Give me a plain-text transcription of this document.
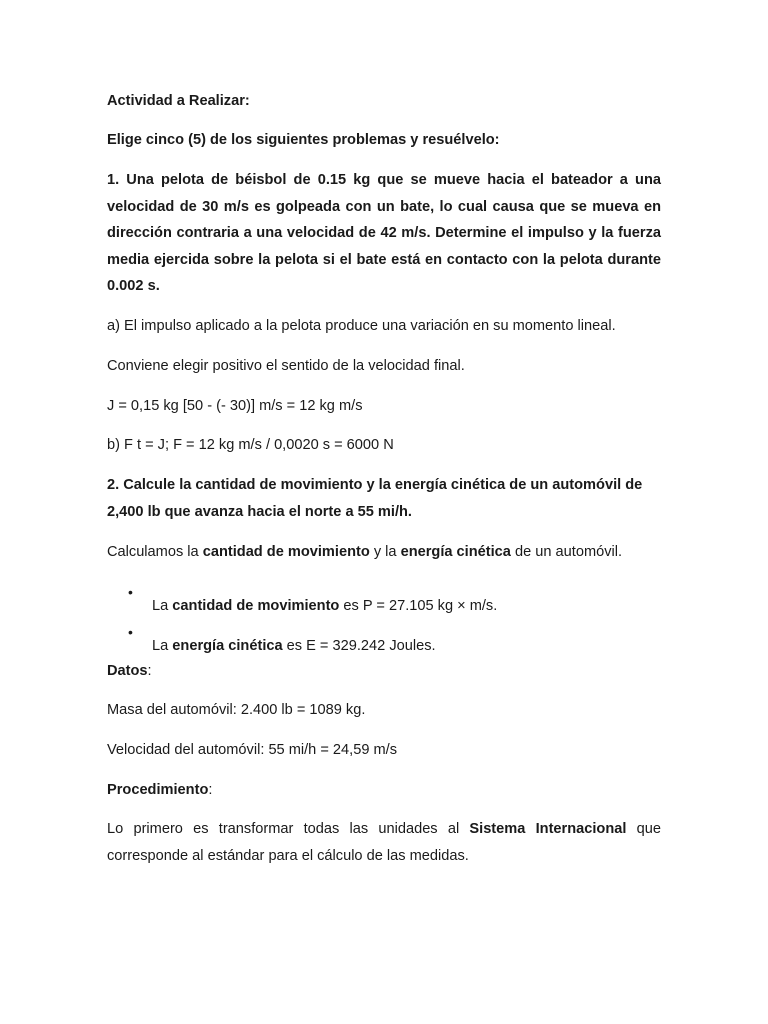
Actividad a Realizar:

Elige cinco (5) de los siguientes problemas y resuélvelo:

1. Una pelota de béisbol de 0.15 kg que se mueve hacia el bateador a una velocidad de 30 m/s es golpeada con un bate, lo cual causa que se mueva en dirección contraria a una velocidad de 42 m/s. Determine el impulso y la fuerza media ejercida sobre la pelota si el bate está en contacto con la pelota durante 0.002 s.

a) El impulso aplicado a la pelota produce una variación en su momento lineal.

Conviene elegir positivo el sentido de la velocidad final.

J = 0,15 kg [50 - (- 30)] m/s = 12 kg m/s

b) F t = J; F = 12 kg m/s / 0,0020 s = 6000 N

2. Calcule la cantidad de movimiento y la energía cinética de un automóvil de 2,400 lb que avanza hacia el norte a 55 mi/h.

Calculamos la cantidad de movimiento y la energía cinética de un automóvil.

•

La cantidad de movimiento es P = 27.105 kg × m/s.

•

La energía cinética es E = 329.242 Joules.

Datos:

Masa del automóvil: 2.400 lb = 1089 kg.

Velocidad del automóvil: 55 mi/h = 24,59 m/s

Procedimiento:

Lo primero es transformar todas las unidades al Sistema Internacional que corresponde al estándar para el cálculo de las medidas.
